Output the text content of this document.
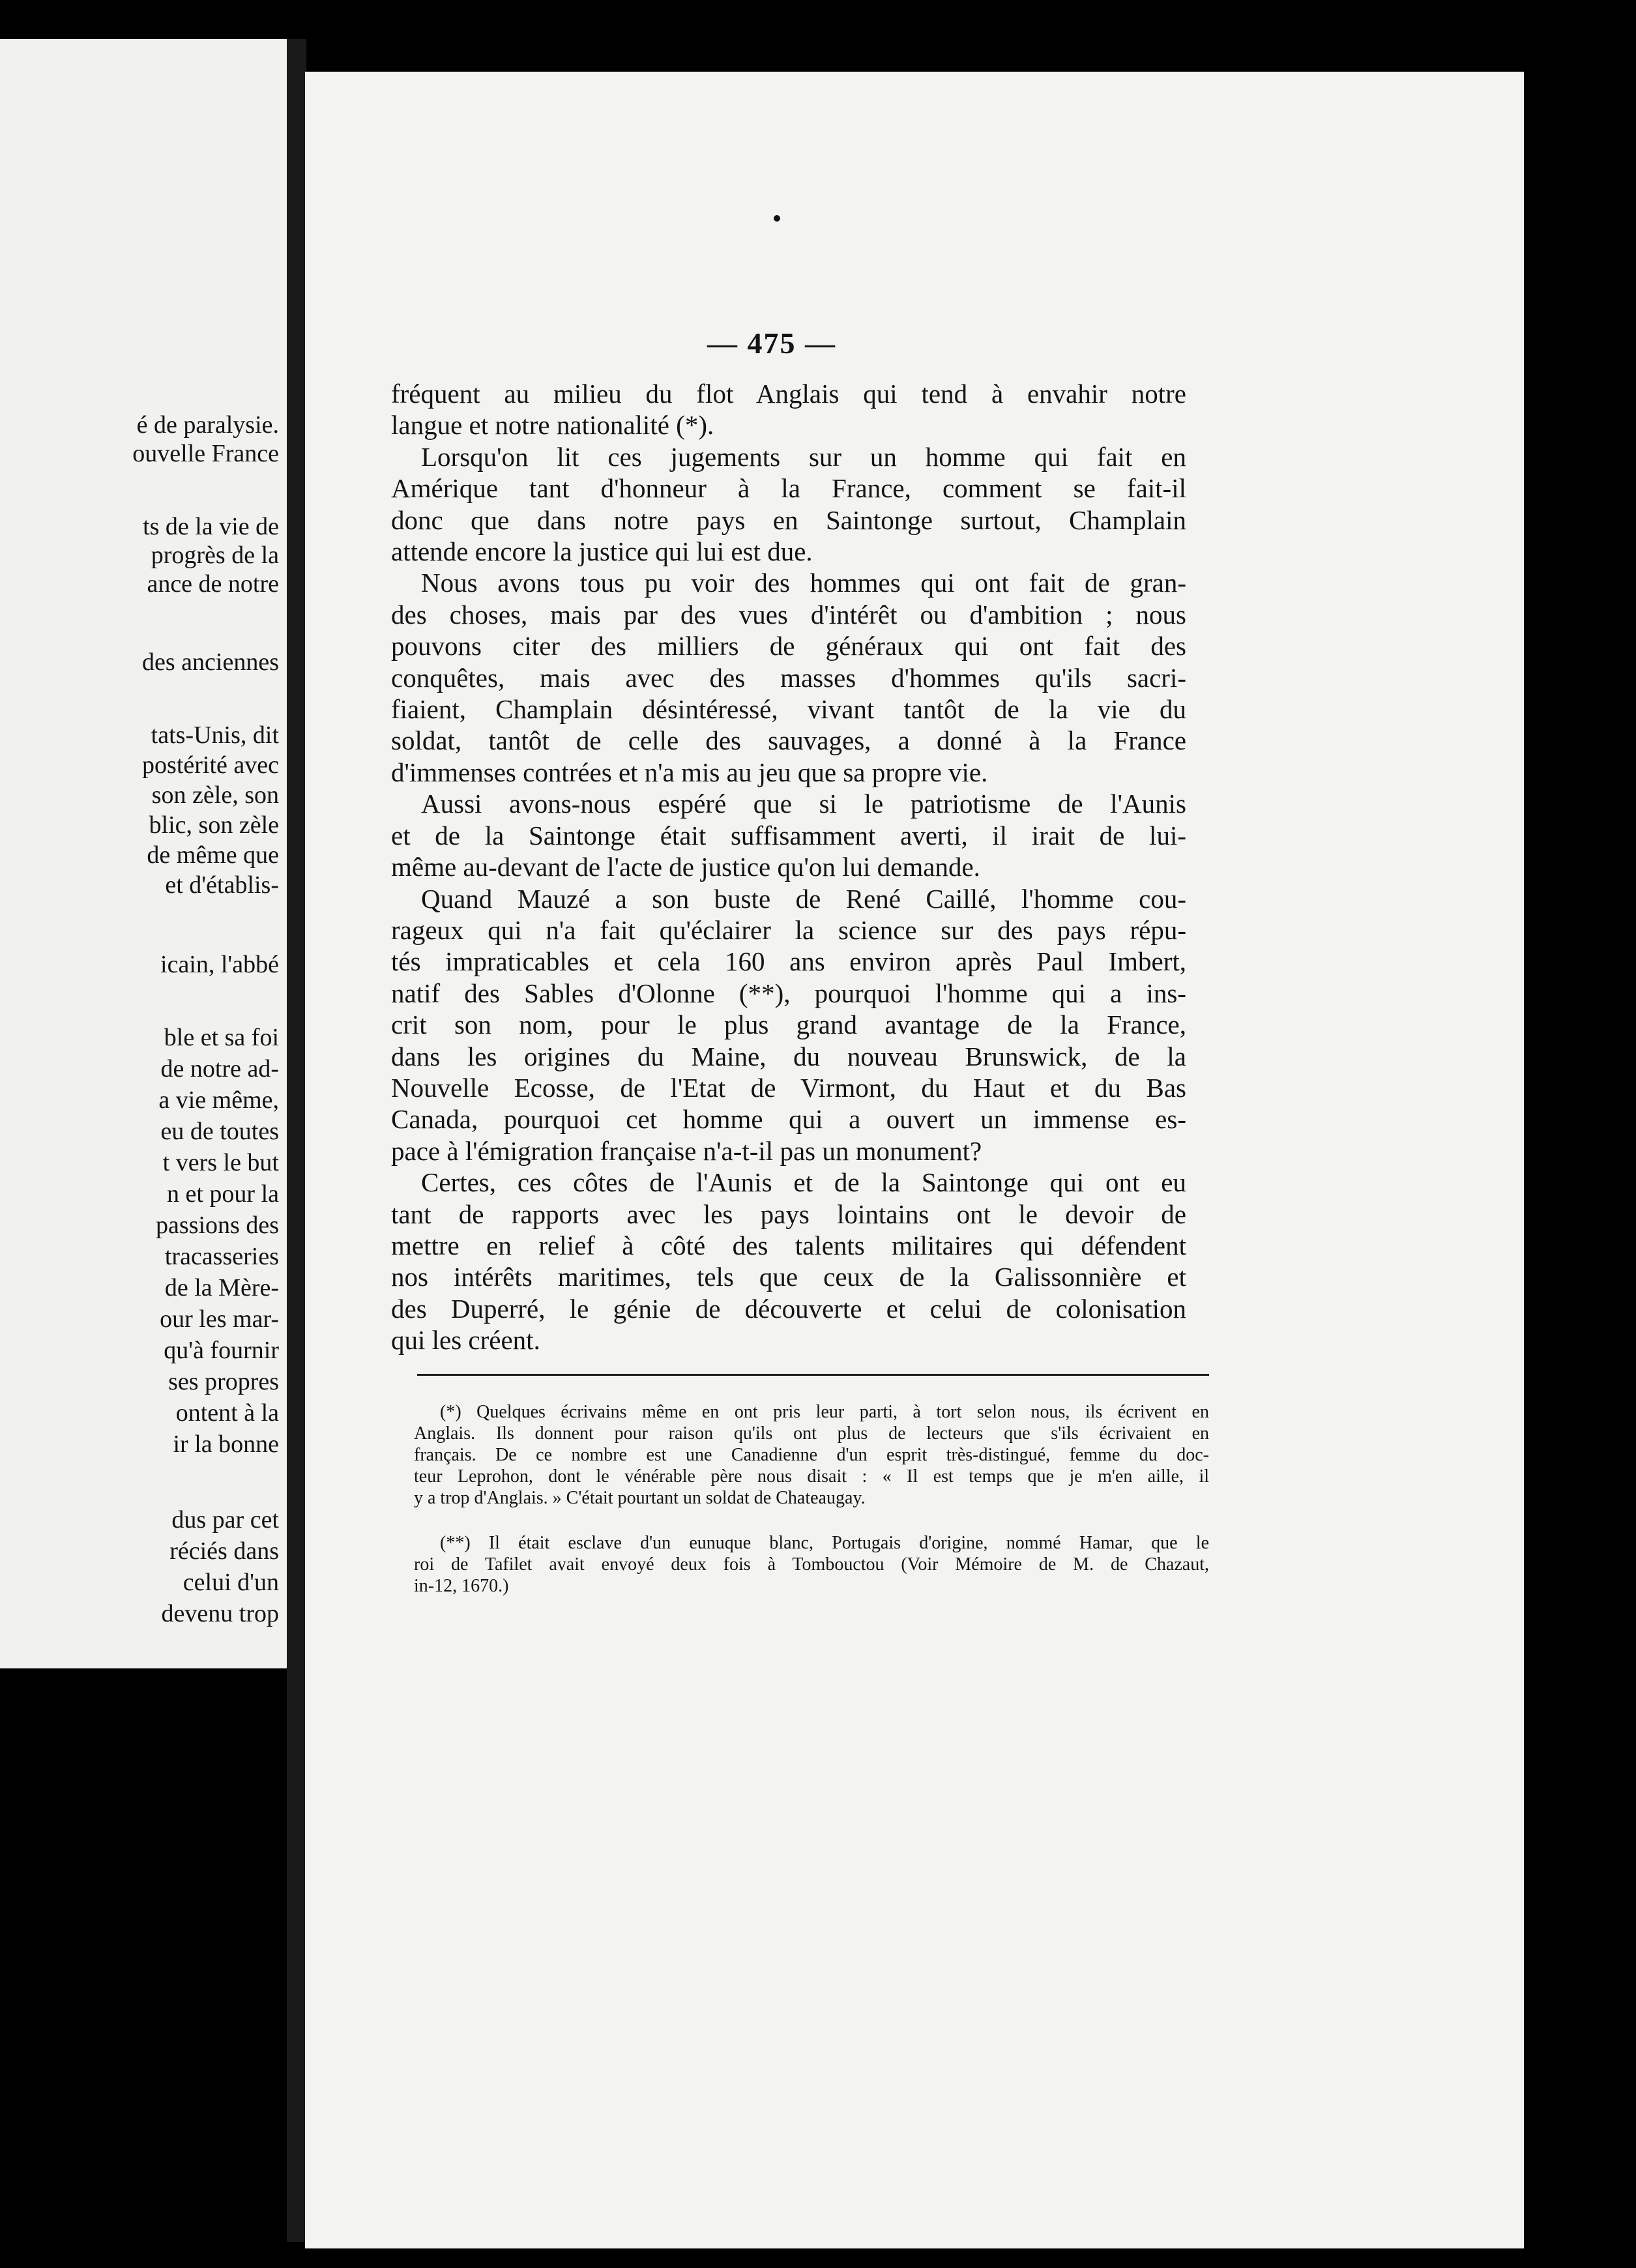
é de paralysie.
ouvelle France
ts de la vie de
progrès de la
ance de notre
des anciennes
tats-Unis, dit
postérité avec
son zèle, son
blic, son zèle
de même que
et d'établis-
icain, l'abbé
ble et sa foi
de notre ad-
a vie même,
eu de toutes
t vers le but
n et pour la
passions des
tracasseries
de la Mère-
our les mar-
qu'à fournir
ses propres
ontent à la
ir la bonne
dus par cet
réciés dans
celui d'un
devenu trop
— 475 —
fréquent au milieu du flot Anglais qui tend à envahir notre
langue et notre nationalité (*).
Lorsqu'on lit ces jugements sur un homme qui fait en
Amérique tant d'honneur à la France, comment se fait-il
donc que dans notre pays en Saintonge surtout, Champlain
attende encore la justice qui lui est due.
Nous avons tous pu voir des hommes qui ont fait de gran-
des choses, mais par des vues d'intérêt ou d'ambition ; nous
pouvons citer des milliers de généraux qui ont fait des
conquêtes, mais avec des masses d'hommes qu'ils sacri-
fiaient, Champlain désintéressé, vivant tantôt de la vie du
soldat, tantôt de celle des sauvages, a donné à la France
d'immenses contrées et n'a mis au jeu que sa propre vie.
Aussi avons-nous espéré que si le patriotisme de l'Aunis
et de la Saintonge était suffisamment averti, il irait de lui-
même au-devant de l'acte de justice qu'on lui demande.
Quand Mauzé a son buste de René Caillé, l'homme cou-
rageux qui n'a fait qu'éclairer la science sur des pays répu-
tés impraticables et cela 160 ans environ après Paul Imbert,
natif des Sables d'Olonne (**), pourquoi l'homme qui a ins-
crit son nom, pour le plus grand avantage de la France,
dans les origines du Maine, du nouveau Brunswick, de la
Nouvelle Ecosse, de l'Etat de Virmont, du Haut et du Bas
Canada, pourquoi cet homme qui a ouvert un immense es-
pace à l'émigration française n'a-t-il pas un monument?
Certes, ces côtes de l'Aunis et de la Saintonge qui ont eu
tant de rapports avec les pays lointains ont le devoir de
mettre en relief à côté des talents militaires qui défendent
nos intérêts maritimes, tels que ceux de la Galissonnière et
des Duperré, le génie de découverte et celui de colonisation
qui les créent.
(*) Quelques écrivains même en ont pris leur parti, à tort selon nous, ils écrivent en
Anglais. Ils donnent pour raison qu'ils ont plus de lecteurs que s'ils écrivaient en
français. De ce nombre est une Canadienne d'un esprit très-distingué, femme du doc-
teur Leprohon, dont le vénérable père nous disait : « Il est temps que je m'en aille, il
y a trop d'Anglais. » C'était pourtant un soldat de Chateaugay.
(**) Il était esclave d'un eunuque blanc, Portugais d'origine, nommé Hamar, que le
roi de Tafilet avait envoyé deux fois à Tombouctou (Voir Mémoire de M. de Chazaut,
in-12, 1670.)
